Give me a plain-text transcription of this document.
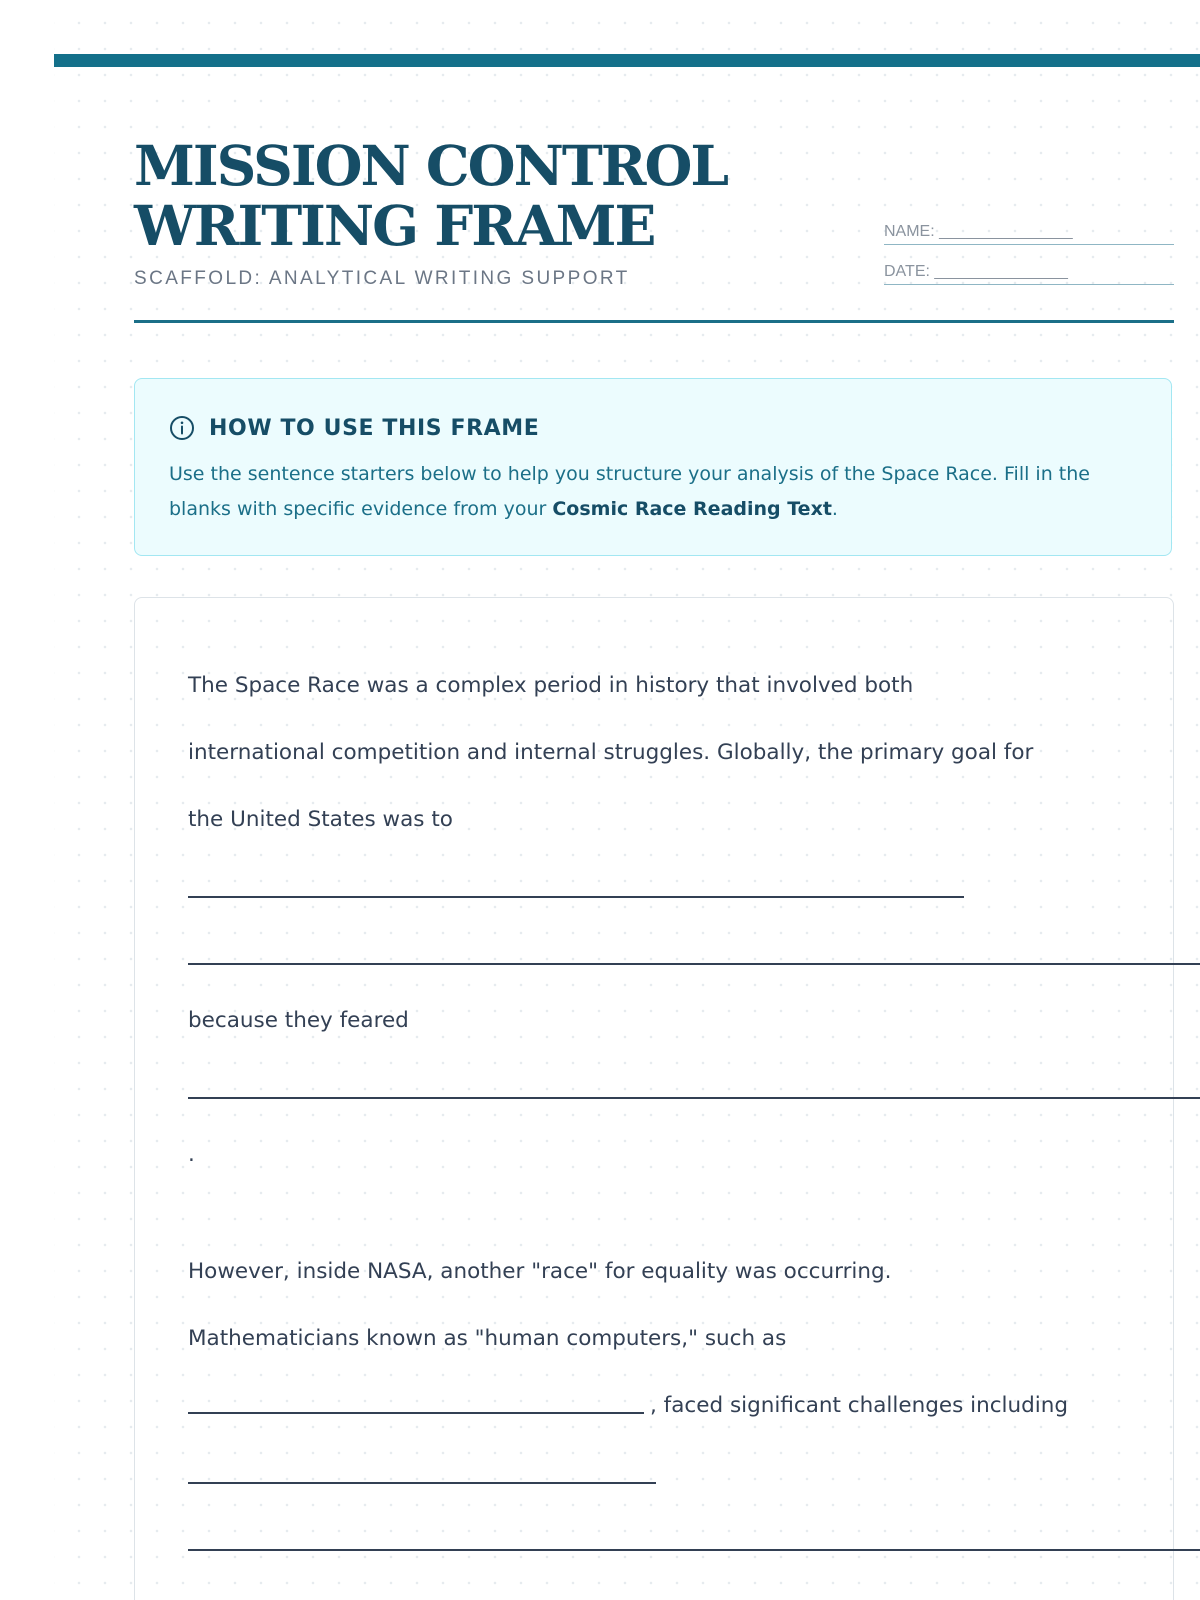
MISSION CONTROL
WRITING FRAME
SCAFFOLD: ANALYTICAL WRITING SUPPORT
NAME: _______________
DATE: _______________
HOW TO USE THIS FRAME

Use the sentence starters below to help you structure your analysis of the Space Race. Fill in the blanks with specific evidence from your Cosmic Race Reading Text.

The Space Race was a complex period in history that involved both
international competition and internal struggles. Globally, the primary goal for
the United States was to
because they feared
.
However, inside NASA, another "race" for equality was occurring.
Mathematicians known as "human computers," such as
, faced significant challenges including
